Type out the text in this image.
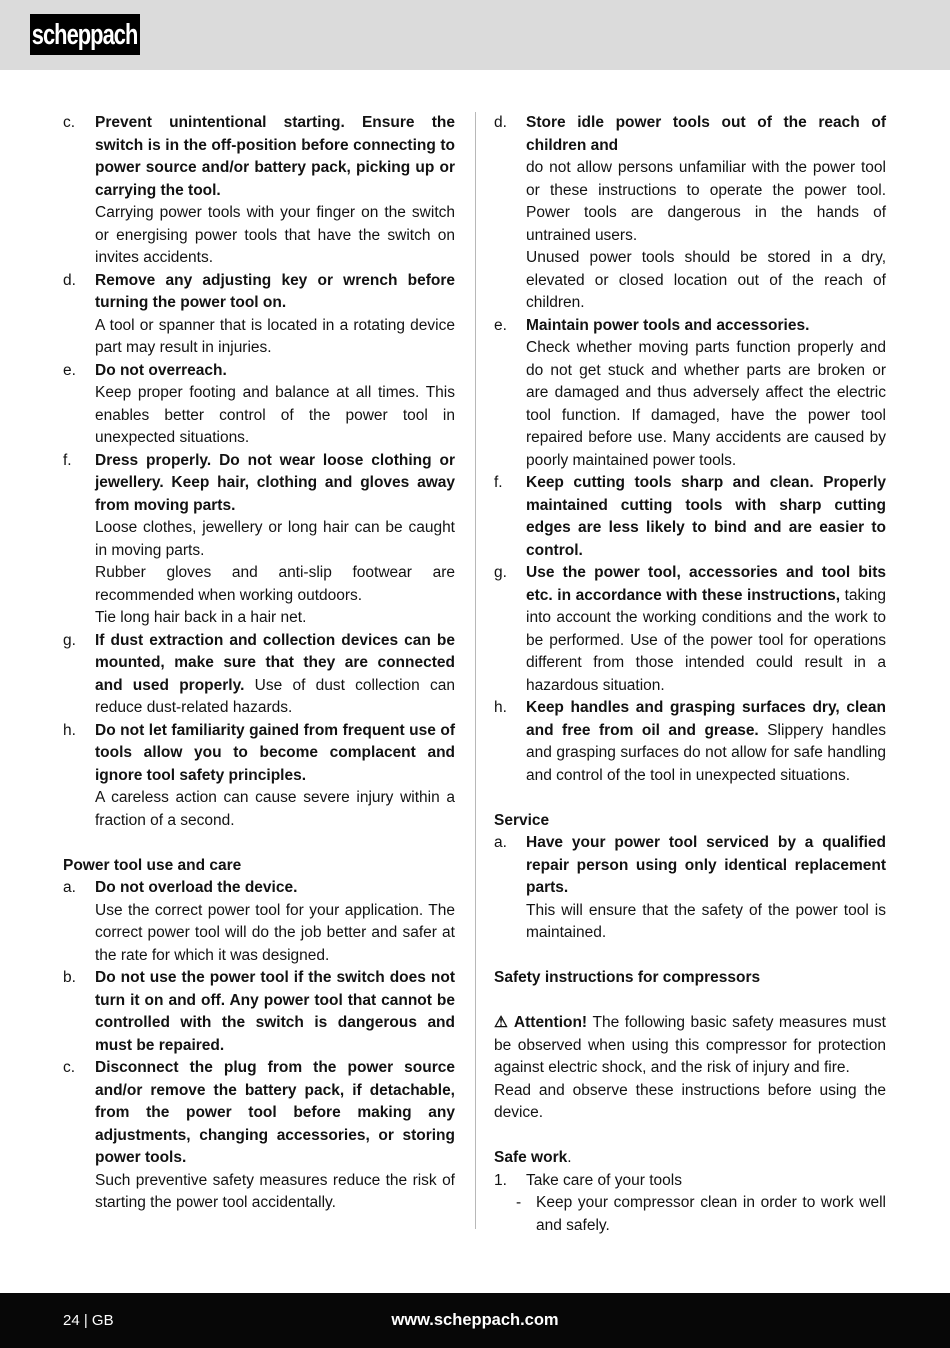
scheppach
c.	Prevent unintentional starting. Ensure the switch is in the off-position before connecting to power source and/or battery pack, picking up or carrying the tool.
Carrying power tools with your finger on the switch or energising power tools that have the switch on invites accidents.
d.	Remove any adjusting key or wrench before turning the power tool on.
A tool or spanner that is located in a rotating device part may result in injuries.
e.	Do not overreach.
Keep proper footing and balance at all times. This enables better control of the power tool in unexpected situations.
f.	Dress properly. Do not wear loose clothing or jewellery. Keep hair, clothing and gloves away from moving parts.
Loose clothes, jewellery or long hair can be caught in moving parts.
Rubber gloves and anti-slip footwear are recommended when working outdoors.
Tie long hair back in a hair net.
g.	If dust extraction and collection devices can be mounted, make sure that they are connected and used properly. Use of dust collection can reduce dust-related hazards.
h.	Do not let familiarity gained from frequent use of tools allow you to become complacent and ignore tool safety principles.
A careless action can cause severe injury within a fraction of a second.
Power tool use and care
a.	Do not overload the device.
Use the correct power tool for your application. The correct power tool will do the job better and safer at the rate for which it was designed.
b.	Do not use the power tool if the switch does not turn it on and off. Any power tool that cannot be controlled with the switch is dangerous and must be repaired.
c.	Disconnect the plug from the power source and/or remove the battery pack, if detachable, from the power tool before making any adjustments, changing accessories, or storing power tools.
Such preventive safety measures reduce the risk of starting the power tool accidentally.
d.	Store idle power tools out of the reach of children and
do not allow persons unfamiliar with the power tool or these instructions to operate the power tool. Power tools are dangerous in the hands of untrained users.
Unused power tools should be stored in a dry, elevated or closed location out of the reach of children.
e.	Maintain power tools and accessories.
Check whether moving parts function properly and do not get stuck and whether parts are broken or are damaged and thus adversely affect the electric tool function. If damaged, have the power tool repaired before use. Many accidents are caused by poorly maintained power tools.
f.	Keep cutting tools sharp and clean. Properly maintained cutting tools with sharp cutting edges are less likely to bind and are easier to control.
g.	Use the power tool, accessories and tool bits etc. in accordance with these instructions, taking into account the working conditions and the work to be performed. Use of the power tool for operations different from those intended could result in a hazardous situation.
h.	Keep handles and grasping surfaces dry, clean and free from oil and grease. Slippery handles and grasping surfaces do not allow for safe handling and control of the tool in unexpected situations.
Service
a.	Have your power tool serviced by a qualified repair person using only identical replacement parts.
This will ensure that the safety of the power tool is maintained.
Safety instructions for compressors
⚠ Attention! The following basic safety measures must be observed when using this compressor for protection against electric shock, and the risk of injury and fire.
Read and observe these instructions before using the device.
Safe work.
1.	Take care of your tools
- Keep your compressor clean in order to work well and safely.
24 | GB	www.scheppach.com
